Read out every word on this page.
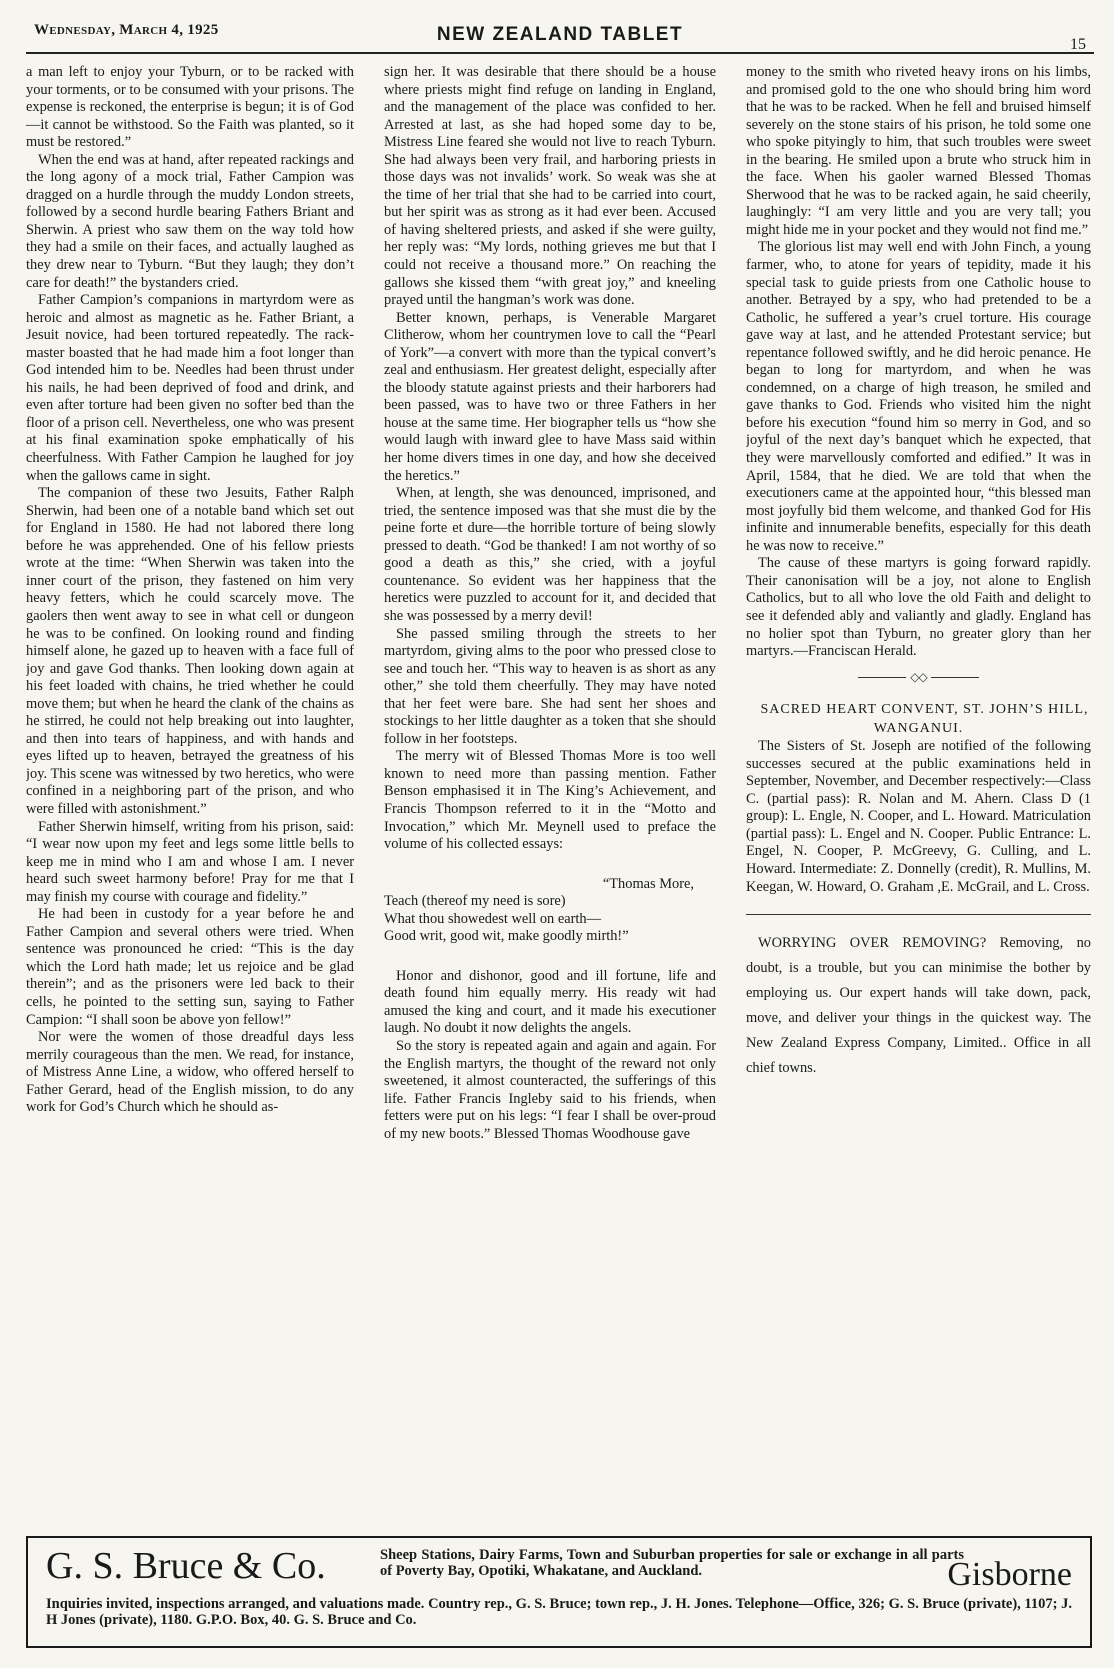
Wednesday, March 4, 1925	NEW ZEALAND TABLET	15

a man left to enjoy your Tyburn, or to be racked with your torments, or to be consumed with your prisons. The expense is reckoned, the enterprise is begun; it is of God—it cannot be withstood. So the Faith was planted, so it must be restored.”

When the end was at hand, after repeated rackings and the long agony of a mock trial, Father Campion was dragged on a hurdle through the muddy London streets, followed by a second hurdle bearing Fathers Briant and Sherwin. A priest who saw them on the way told how they had a smile on their faces, and actually laughed as they drew near to Tyburn. “But they laugh; they don’t care for death!” the bystanders cried.

Father Campion’s companions in martyrdom were as heroic and almost as magnetic as he. Father Briant, a Jesuit novice, had been tortured repeatedly. The rack-master boasted that he had made him a foot longer than God intended him to be. Needles had been thrust under his nails, he had been deprived of food and drink, and even after torture had been given no softer bed than the floor of a prison cell. Nevertheless, one who was present at his final examination spoke emphatically of his cheerfulness. With Father Campion he laughed for joy when the gallows came in sight.

The companion of these two Jesuits, Father Ralph Sherwin, had been one of a notable band which set out for England in 1580. He had not labored there long before he was apprehended. One of his fellow priests wrote at the time: “When Sherwin was taken into the inner court of the prison, they fastened on him very heavy fetters, which he could scarcely move. The gaolers then went away to see in what cell or dungeon he was to be confined. On looking round and finding himself alone, he gazed up to heaven with a face full of joy and gave God thanks. Then looking down again at his feet loaded with chains, he tried whether he could move them; but when he heard the clank of the chains as he stirred, he could not help breaking out into laughter, and then into tears of happiness, and with hands and eyes lifted up to heaven, betrayed the greatness of his joy. This scene was witnessed by two heretics, who were confined in a neighboring part of the prison, and who were filled with astonishment.”

Father Sherwin himself, writing from his prison, said: “I wear now upon my feet and legs some little bells to keep me in mind who I am and whose I am. I never heard such sweet harmony before! Pray for me that I may finish my course with courage and fidelity.”

He had been in custody for a year before he and Father Campion and several others were tried. When sentence was pronounced he cried: “This is the day which the Lord hath made; let us rejoice and be glad therein”; and as the prisoners were led back to their cells, he pointed to the setting sun, saying to Father Campion: “I shall soon be above yon fellow!”

Nor were the women of those dreadful days less merrily courageous than the men. We read, for instance, of Mistress Anne Line, a widow, who offered herself to Father Gerard, head of the English mission, to do any work for God’s Church which he should as-

sign her. It was desirable that there should be a house where priests might find refuge on landing in England, and the management of the place was confided to her. Arrested at last, as she had hoped some day to be, Mistress Line feared she would not live to reach Tyburn. She had always been very frail, and harboring priests in those days was not invalids’ work. So weak was she at the time of her trial that she had to be carried into court, but her spirit was as strong as it had ever been. Accused of having sheltered priests, and asked if she were guilty, her reply was: “My lords, nothing grieves me but that I could not receive a thousand more.” On reaching the gallows she kissed them “with great joy,” and kneeling prayed until the hangman’s work was done.

Better known, perhaps, is Venerable Margaret Clitherow, whom her countrymen love to call the “Pearl of York”—a convert with more than the typical convert’s zeal and enthusiasm. Her greatest delight, especially after the bloody statute against priests and their harborers had been passed, was to have two or three Fathers in her house at the same time. Her biographer tells us “how she would laugh with inward glee to have Mass said within her home divers times in one day, and how she deceived the heretics.”

When, at length, she was denounced, imprisoned, and tried, the sentence imposed was that she must die by the peine forte et dure—the horrible torture of being slowly pressed to death. “God be thanked! I am not worthy of so good a death as this,” she cried, with a joyful countenance. So evident was her happiness that the heretics were puzzled to account for it, and decided that she was possessed by a merry devil!

She passed smiling through the streets to her martyrdom, giving alms to the poor who pressed close to see and touch her. “This way to heaven is as short as any other,” she told them cheerfully. They may have noted that her feet were bare. She had sent her shoes and stockings to her little daughter as a token that she should follow in her footsteps.

The merry wit of Blessed Thomas More is too well known to need more than passing mention. Father Benson emphasised it in The King’s Achievement, and Francis Thompson referred to it in the “Motto and Invocation,” which Mr. Meynell used to preface the volume of his collected essays:

“Thomas More,

Teach (thereof my need is sore)

What thou showedest well on earth—

Good writ, good wit, make goodly mirth!”

Honor and dishonor, good and ill fortune, life and death found him equally merry. His ready wit had amused the king and court, and it made his executioner laugh. No doubt it now delights the angels.

So the story is repeated again and again and again. For the English martyrs, the thought of the reward not only sweetened, it almost counteracted, the sufferings of this life. Father Francis Ingleby said to his friends, when fetters were put on his legs: “I fear I shall be over-proud of my new boots.” Blessed Thomas Woodhouse gave

money to the smith who riveted heavy irons on his limbs, and promised gold to the one who should bring him word that he was to be racked. When he fell and bruised himself severely on the stone stairs of his prison, he told some one who spoke pityingly to him, that such troubles were sweet in the bearing. He smiled upon a brute who struck him in the face. When his gaoler warned Blessed Thomas Sherwood that he was to be racked again, he said cheerily, laughingly: “I am very little and you are very tall; you might hide me in your pocket and they would not find me.”

The glorious list may well end with John Finch, a young farmer, who, to atone for years of tepidity, made it his special task to guide priests from one Catholic house to another. Betrayed by a spy, who had pretended to be a Catholic, he suffered a year’s cruel torture. His courage gave way at last, and he attended Protestant service; but repentance followed swiftly, and he did heroic penance. He began to long for martyrdom, and when he was condemned, on a charge of high treason, he smiled and gave thanks to God. Friends who visited him the night before his execution “found him so merry in God, and so joyful of the next day’s banquet which he expected, that they were marvellously comforted and edified.” It was in April, 1584, that he died. We are told that when the executioners came at the appointed hour, “this blessed man most joyfully bid them welcome, and thanked God for His infinite and innumerable benefits, especially for this death he was now to receive.”

The cause of these martyrs is going forward rapidly. Their canonisation will be a joy, not alone to English Catholics, but to all who love the old Faith and delight to see it defended ably and valiantly and gladly. England has no holier spot than Tyburn, no greater glory than her martyrs.—Franciscan Herald.

◇◇

SACRED HEART CONVENT, ST. JOHN’S HILL, WANGANUI.

The Sisters of St. Joseph are notified of the following successes secured at the public examinations held in September, November, and December respectively:—Class C. (partial pass): R. Nolan and M. Ahern. Class D (1 group): L. Engle, N. Cooper, and L. Howard. Matriculation (partial pass): L. Engel and N. Cooper. Public Entrance: L. Engel, N. Cooper, P. McGreevy, G. Culling, and L. Howard. Intermediate: Z. Donnelly (credit), R. Mullins, M. Keegan, W. Howard, O. Graham ,E. McGrail, and L. Cross.

WORRYING OVER REMOVING? Removing, no doubt, is a trouble, but you can minimise the bother by employing us. Our expert hands will take down, pack, move, and deliver your things in the quickest way. The New Zealand Express Company, Limited.. Office in all chief towns.

G. S. Bruce & Co.	Sheep Stations, Dairy Farms, Town and Suburban properties for sale or exchange in all parts of Poverty Bay, Opotiki, Whakatane, and Auckland.	Gisborne
Inquiries invited, inspections arranged, and valuations made. Country rep., G. S. Bruce; town rep., J. H. Jones. Telephone—Office, 326; G. S. Bruce (private), 1107; J. H Jones (private), 1180. G.P.O. Box, 40. G. S. Bruce and Co.
